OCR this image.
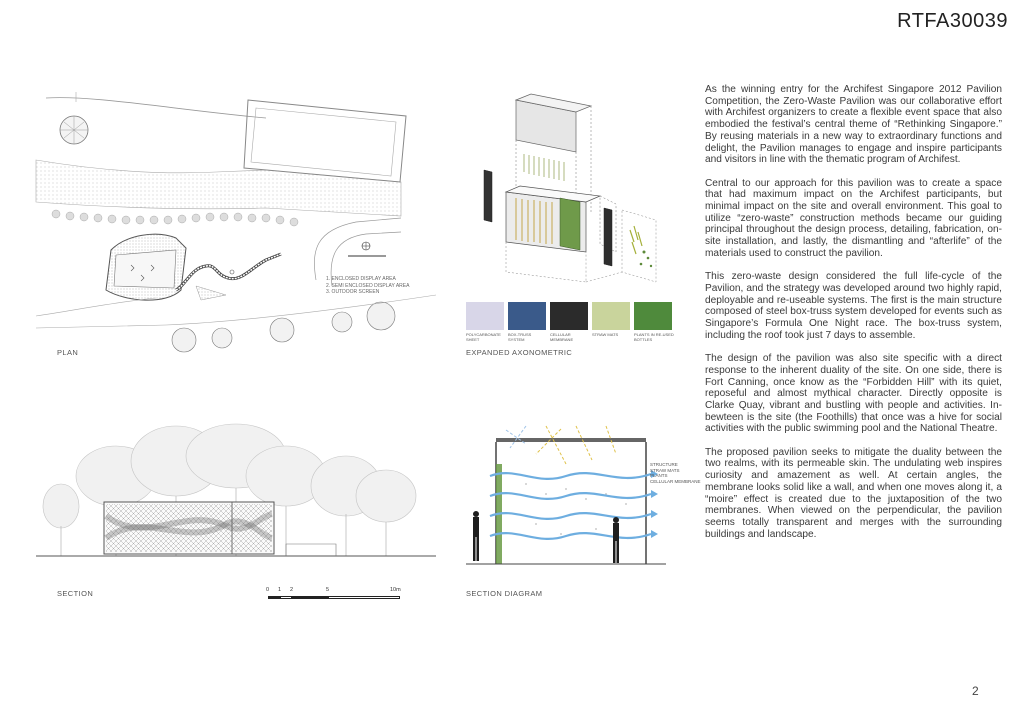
RTFA30039
1. ENCLOSED DISPLAY AREA
2. SEMI ENCLOSED DISPLAY AREA
3. OUTDOOR SCREEN
PLAN
POLYCARBONATE SHEET
BOX-TRUSS SYSTEM
CELLULAR MEMBRANE
STRAW MATS	PLANTS IN RE-USED BOTTLES
EXPANDED AXONOMETRIC
SECTION	0 1 2	5	10m
STRUCTURE
STRAW MATS
PLANTS
CELLULAR MEMBRANE
SECTION DIAGRAM

As the winning entry for the Archifest Singapore 2012 Pavilion Competition, the Zero-Waste Pavilion was our collaborative effort with Archifest organizers to create a flexible event space that also embodied the festival’s central theme of “Rethinking Singapore.” By reusing materials in a new way to extraordinary functions and delight, the Pavilion manages to engage and inspire participants and visitors in line with the thematic program of Archifest.

Central to our approach for this pavilion was to create a space that had maximum impact on the Archifest participants, but minimal impact on the site and overall environment. This goal to utilize “zero-waste” construction methods became our guiding principal throughout the design process, detailing, fabrication, on-site installation, and lastly, the dismantling and “afterlife” of the materials used to construct the pavilion.

This zero-waste design considered the full life-cycle of the Pavilion, and the strategy was developed around two highly rapid, deployable and re-useable systems. The first is the main structure composed of steel box-truss system developed for events such as Singapore’s Formula One Night race. The box-truss system, including the roof took just 7 days to assemble.

The design of the pavilion was also site specific with a direct response to the inherent duality of the site. On one side, there is Fort Canning, once know as the “Forbidden Hill” with its quiet, reposeful and almost mythical character. Directly opposite is Clarke Quay, vibrant and bustling with people and activities. In-bewteen is the site (the Foothills) that once was a hive for social activities with the public swimming pool and the National Theatre.

The proposed pavilion seeks to mitigate the duality between the two realms, with its permeable skin. The undulating web inspires curiosity and amazement as well. At certain angles, the membrane looks solid like a wall, and when one moves along it, a “moire” effect is created due to the juxtaposition of the two membranes. When viewed on the perpendicular, the pavilion seems totally transparent and merges with the surrounding buildings and landscape.

2
